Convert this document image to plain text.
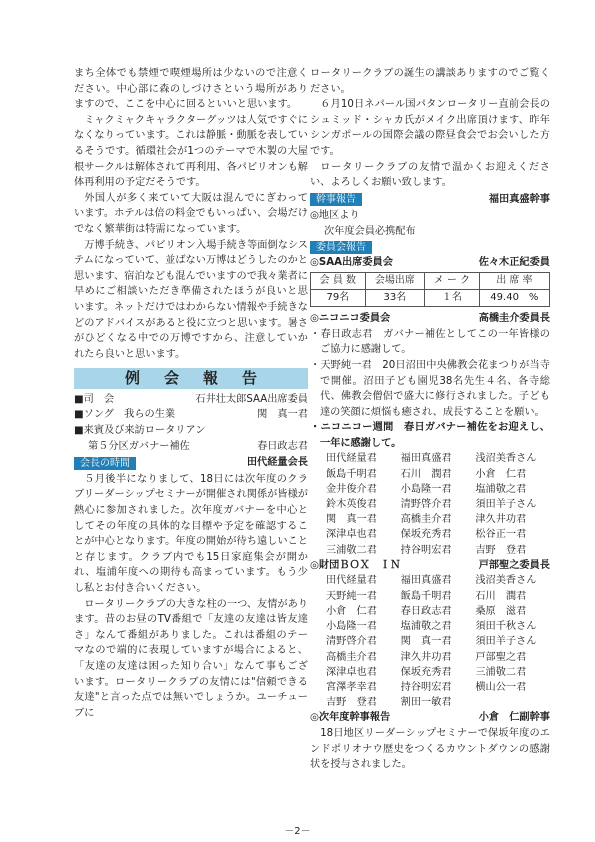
まち全体でも禁煙で喫煙場所は少ないので注意ください。中心部に森のしづけさという場所がありますので、ここを中心に回るといいと思います。

ミャクミャクキャラクターグッツは人気ですぐになくなりっています。これは静脈・動脈を表しているそうです。循環社会が1つのテーマで木製の大屋根サークルは解体されて再利用、各パビリオンも解体再利用の予定だそうです。

外国人が多く来ていて大阪は混んでにぎわっています。ホテルは倍の料金でもいっぱい、会場だけでなく繁華街は特需になっています。

万博手続き、パビリオン入場手続き等面倒なシステムになっていて、並ばない万博はどうしたのかと思います、宿泊なども混んでいますので我々業者に早めにご相談いただき準備されたほうが良いと思います。ネットだけではわからない情報や手続きなどのアドバイスがあると役に立つと思います。暑さがひどくなる中での万博ですから、注意していかれたら良いと思います。

例会報告
■司　会	石井壮太郎SAA出席委員
■ソング　我らの生業	関　真一君
■来賓及び来訪ロータリアン
第５分区ガバナー補佐	春日政志君
会長の時間	田代経量会長

５月後半になりまして、18日には次年度のクラブリーダーシップセミナーが開催され関係が皆様が熱心に参加されました。次年度ガバナーを中心としてその年度の具体的な目標や予定を確認することが中心となります。年度の開始が待ち遠しいことと存じます。クラブ内でも15日家庭集会が開かれ、塩浦年度への期待も高まっています。もう少し私とお付き合いください。

ロータリークラブの大きな柱の一つ、友情があります。昔のお昼のTV番組で「友達の友達は皆友達さ」なんて番組がありました。これは番組のテーマなので端的に表現していますが場合によると、「友達の友達は困った知り合い」なんて事もございます。ロータリークラブの友情には"信頼できる友達"と言った点では無いでしょうか。ユーチューブに

ロータリークラブの誕生の講談ありますのでご覧ください。

６月10日ネパール国パタンロータリー直前会長のシュミッド・シャカ氏がメイク出席頂けます、昨年シンガポールの国際会議の際昼食会でお会いした方です。

ロータリークラブの友情で温かくお迎えください、よろしくお願い致します。

幹事報告	福田真盛幹事
◎地区より
次年度会員必携配布
委員会報告
◎SAA出席委員会	佐々木正紀委員
会 員 数	会場出席	メ ー ク	出 席 率
79名	33名	１名	49.40　%
◎ニコニコ委員会	高橋圭介委員長
・春日政志君　ガバナー補佐としてこの一年皆様のご協力に感謝して。
・天野純一君　20日沼田中央佛教会花まつりが当寺で開催。沼田子ども園児38名先生４名、各寺総代、佛教会僧侶で盛大に修行されました。子ども達の笑顔に煩悩も癒され、成長することを願い。
・ニコニコー週間　春日ガバナー補佐をお迎えし、一年に感謝して。
田代経量君	福田真盛君	浅沼美香さん
飯島千明君	石川　潤君	小倉　仁君
金井俊介君	小島隆一君	塩浦敬之君
鈴木英俊君	清野啓介君	須田羊子さん
関　真一君	高橋圭介君	津久井功君
深津卓也君	保坂充秀君	松谷正一君
三浦敬二君	持谷明宏君	吉野　登君
◎財団ＢＯＸ　ＩＮ	戸部聖之委員長
田代経量君	福田真盛君	浅沼美香さん
天野純一君	飯島千明君	石川　潤君
小倉　仁君	春日政志君	桑原　滋君
小島隆一君	塩浦敬之君	須田千秋さん
清野啓介君	関　真一君	須田羊子さん
高橋圭介君	津久井功君	戸部聖之君
深津卓也君	保坂充秀君	三浦敬二君
宮澤孝幸君	持谷明宏君	横山公一君
吉野　登君	割田一敏君
◎次年度幹事報告	小倉　仁副幹事

18日地区リーダーシップセミナーで保坂年度のエンドポリオナウ歴史をつくるカウントダウンの感謝状を授与されました。

－2－
